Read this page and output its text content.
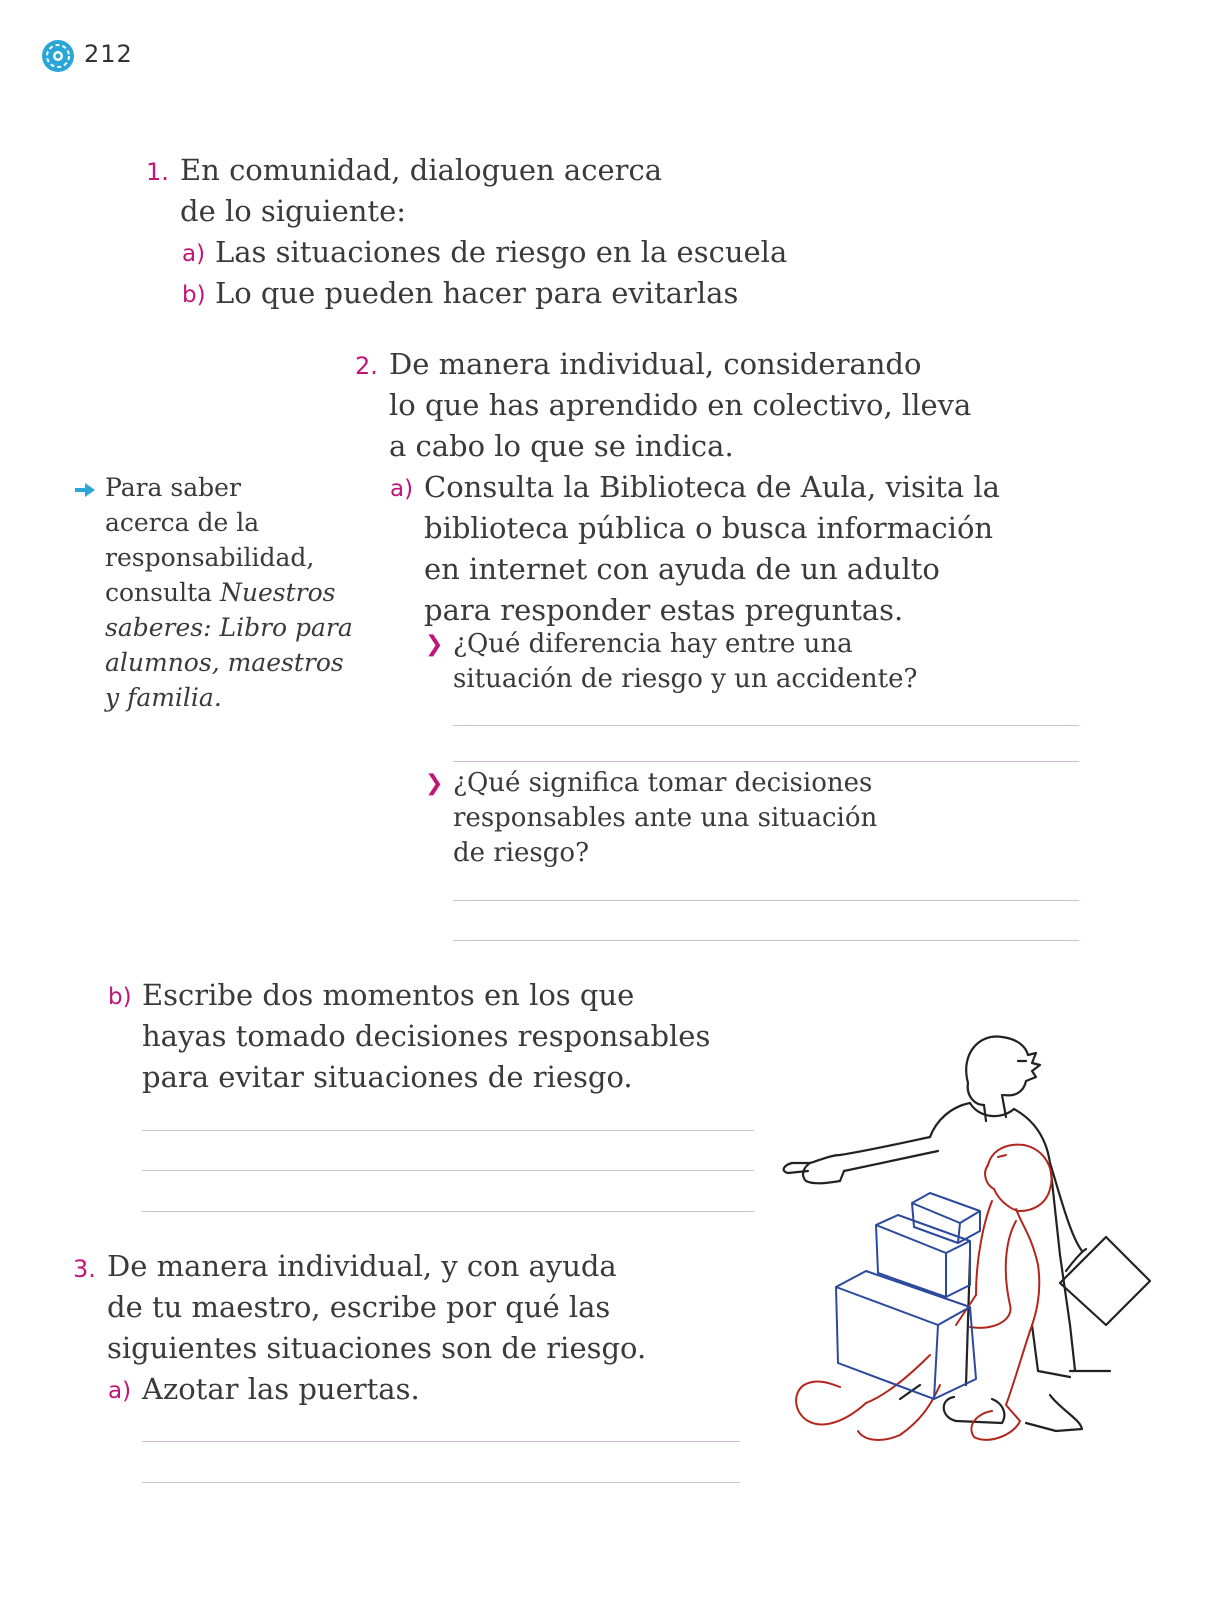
212
1. En comunidad, dialoguen acerca
de lo siguiente:
a) Las situaciones de riesgo en la escuela
b) Lo que pueden hacer para evitarlas
2. De manera individual, considerando
lo que has aprendido en colectivo, lleva
a cabo lo que se indica.
a) Consulta la Biblioteca de Aula, visita la
biblioteca pública o busca información
en internet con ayuda de un adulto
para responder estas preguntas.
❯ ¿Qué diferencia hay entre una
situación de riesgo y un accidente?
❯ ¿Qué significa tomar decisiones
responsables ante una situación
de riesgo?
Para saber
acerca de la
responsabilidad,
consulta Nuestros
saberes: Libro para
alumnos, maestros
y familia.
b) Escribe dos momentos en los que
hayas tomado decisiones responsables
para evitar situaciones de riesgo.
3. De manera individual, y con ayuda
de tu maestro, escribe por qué las
siguientes situaciones son de riesgo.
a) Azotar las puertas.
